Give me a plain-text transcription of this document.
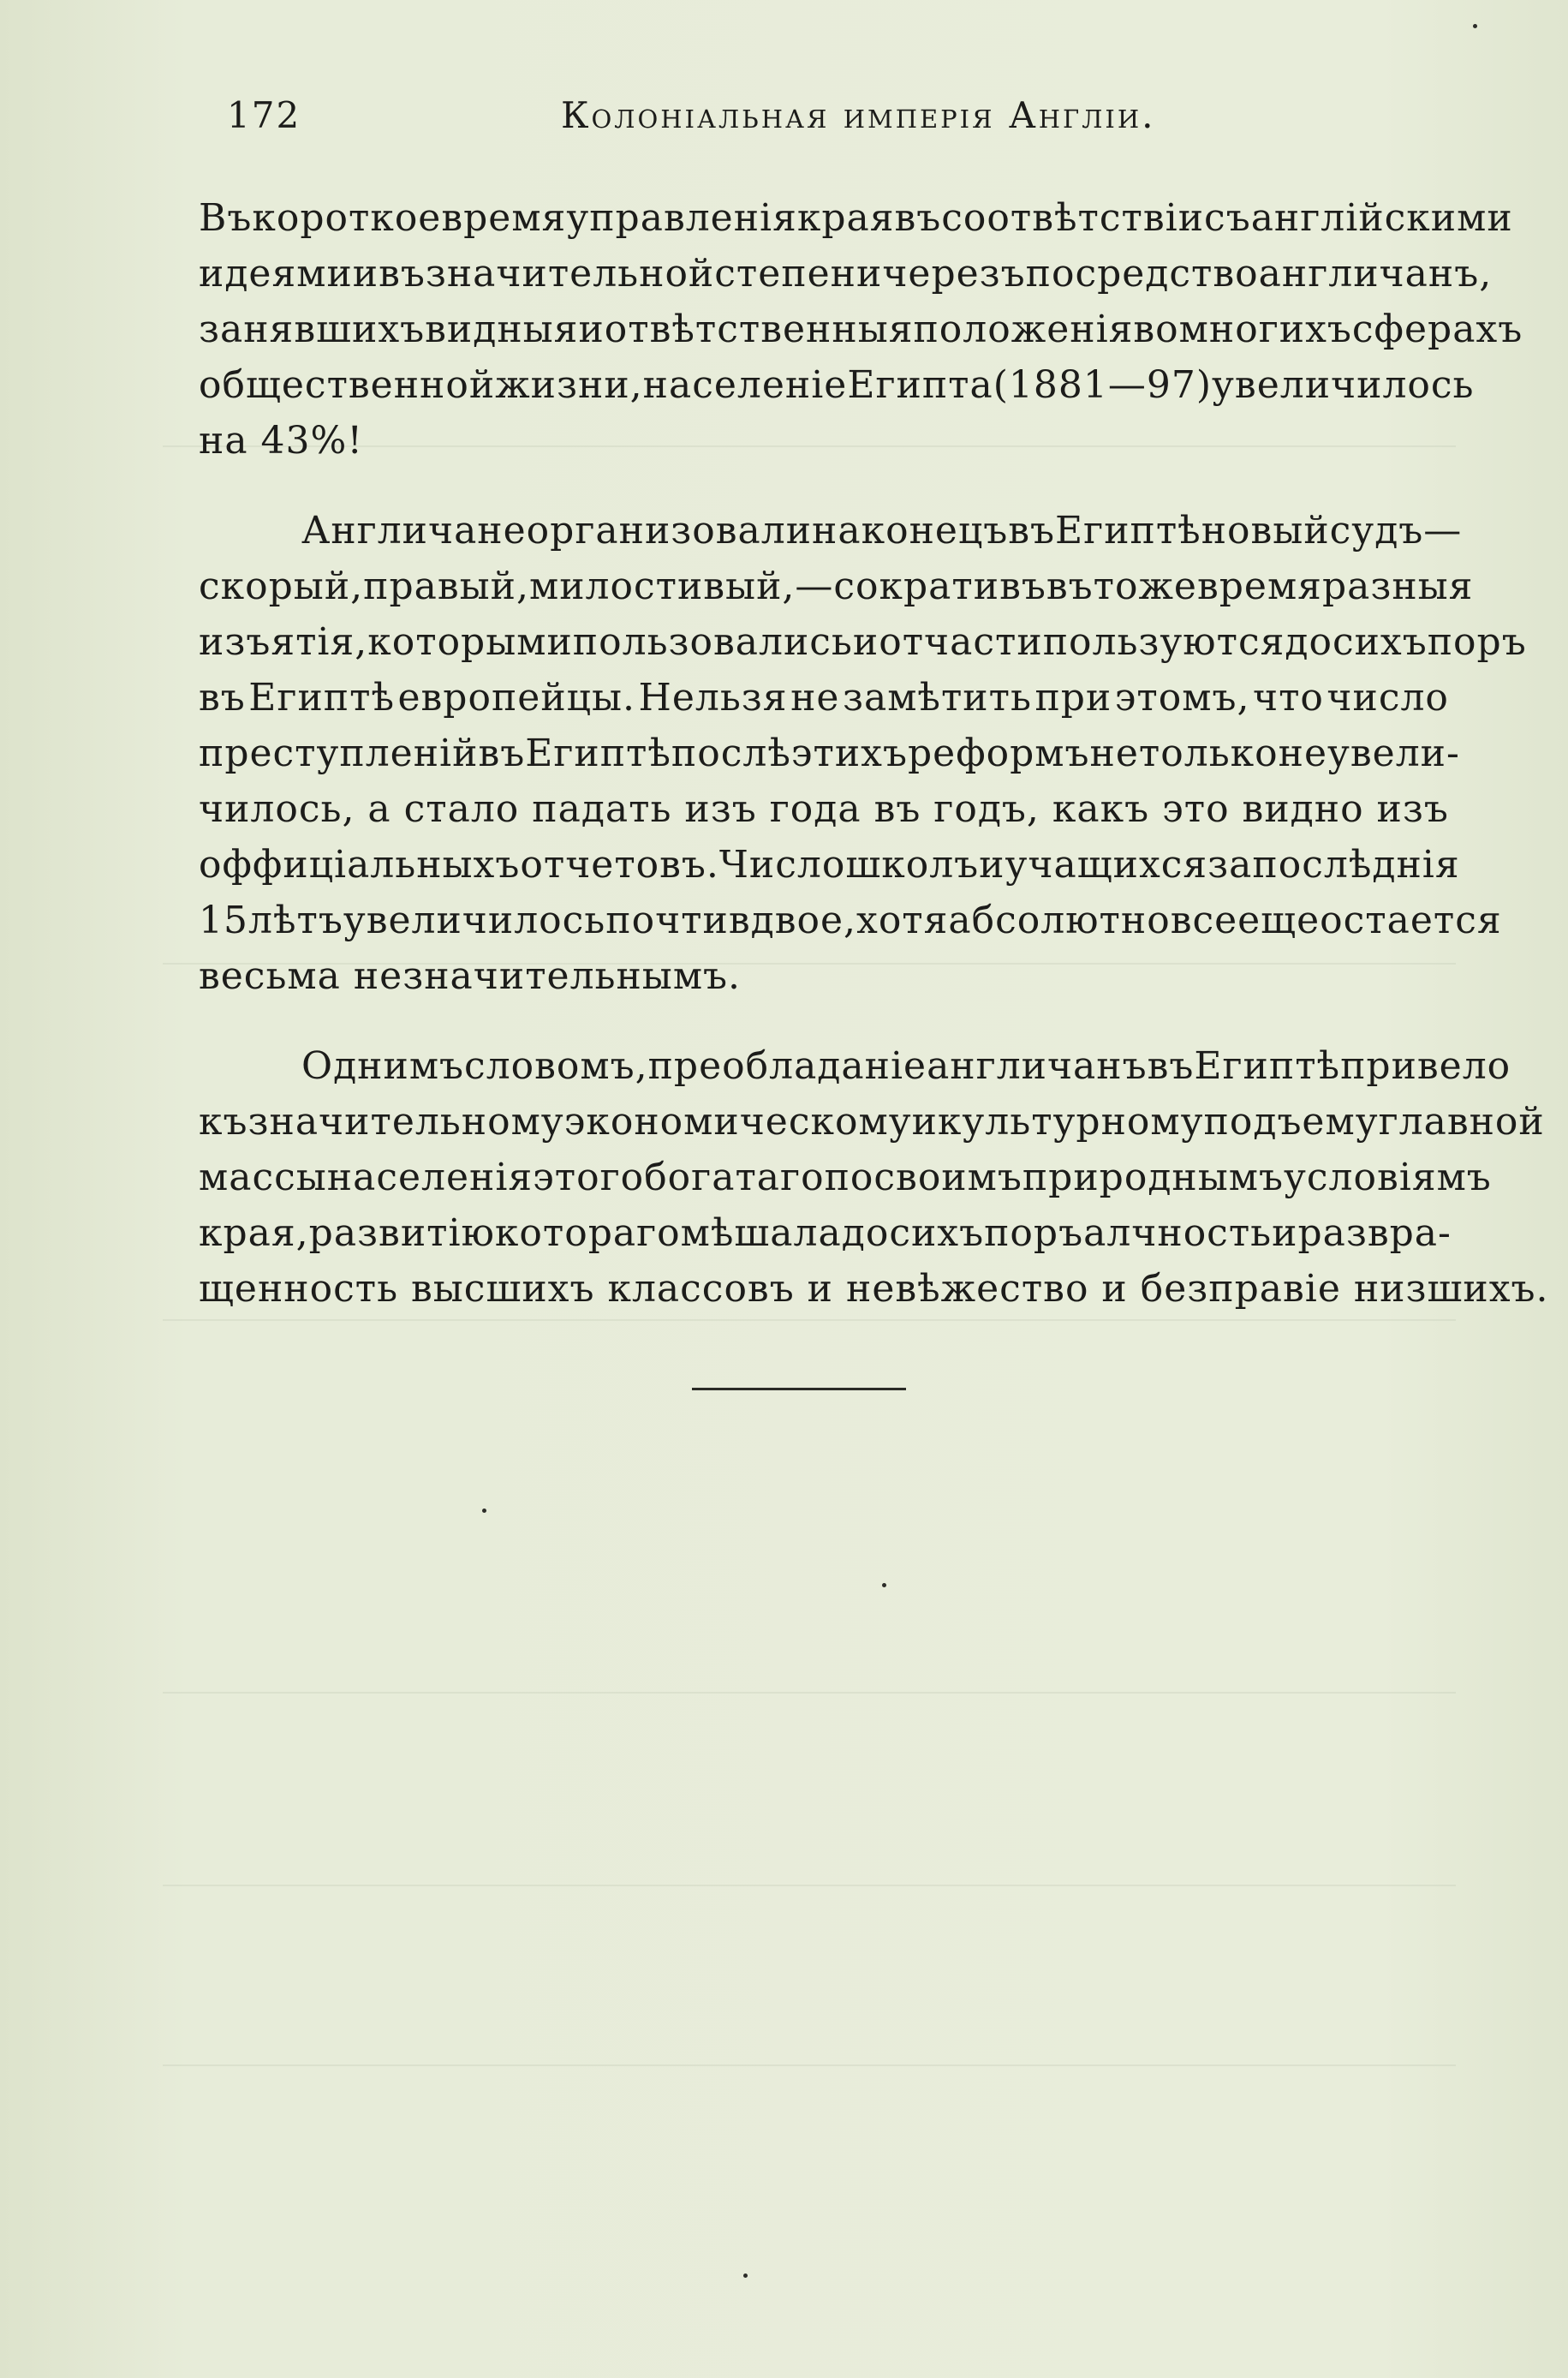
172	Колоніальная имперія Англіи.
Въ короткое время управленія края въ соотвѣтствіи съ англійскими
идеями и въ значительной степени черезъ посредство англичанъ,
занявшихъ видныя и отвѣтственныя положенія во многихъ сферахъ
общественной жизни, населеніе Египта (1881 — 97) увеличилось
на 43%!
Англичане организовали наконецъ въ Египтѣ новый судъ—
скорый, правый, милостивый,—сокративъ въ то же время разныя
изъятія, которыми пользовались и отчасти пользуются до сихъ поръ
въ Египтѣ европейцы. Нельзя не замѣтить при этомъ, что число
преступленій въ Египтѣ послѣ этихъ реформъ не только не увели-
чилось, а стало падать изъ года въ годъ, какъ это видно изъ
оффиціальныхъ отчетовъ. Число школъ и учащихся за послѣднія
15 лѣтъ увеличилось почти вдвое, хотя абсолютно все еще остается
весьма незначительнымъ.
Однимъ словомъ, преобладаніе англичанъ въ Египтѣ привело
къ значительному экономическому и культурному подъему главной
массы населенія этого богатаго по своимъ природнымъ условіямъ
края, развитію котораго мѣшала до сихъ поръ алчность и развра-
щенность высшихъ классовъ и невѣжество и безправіе низшихъ.
